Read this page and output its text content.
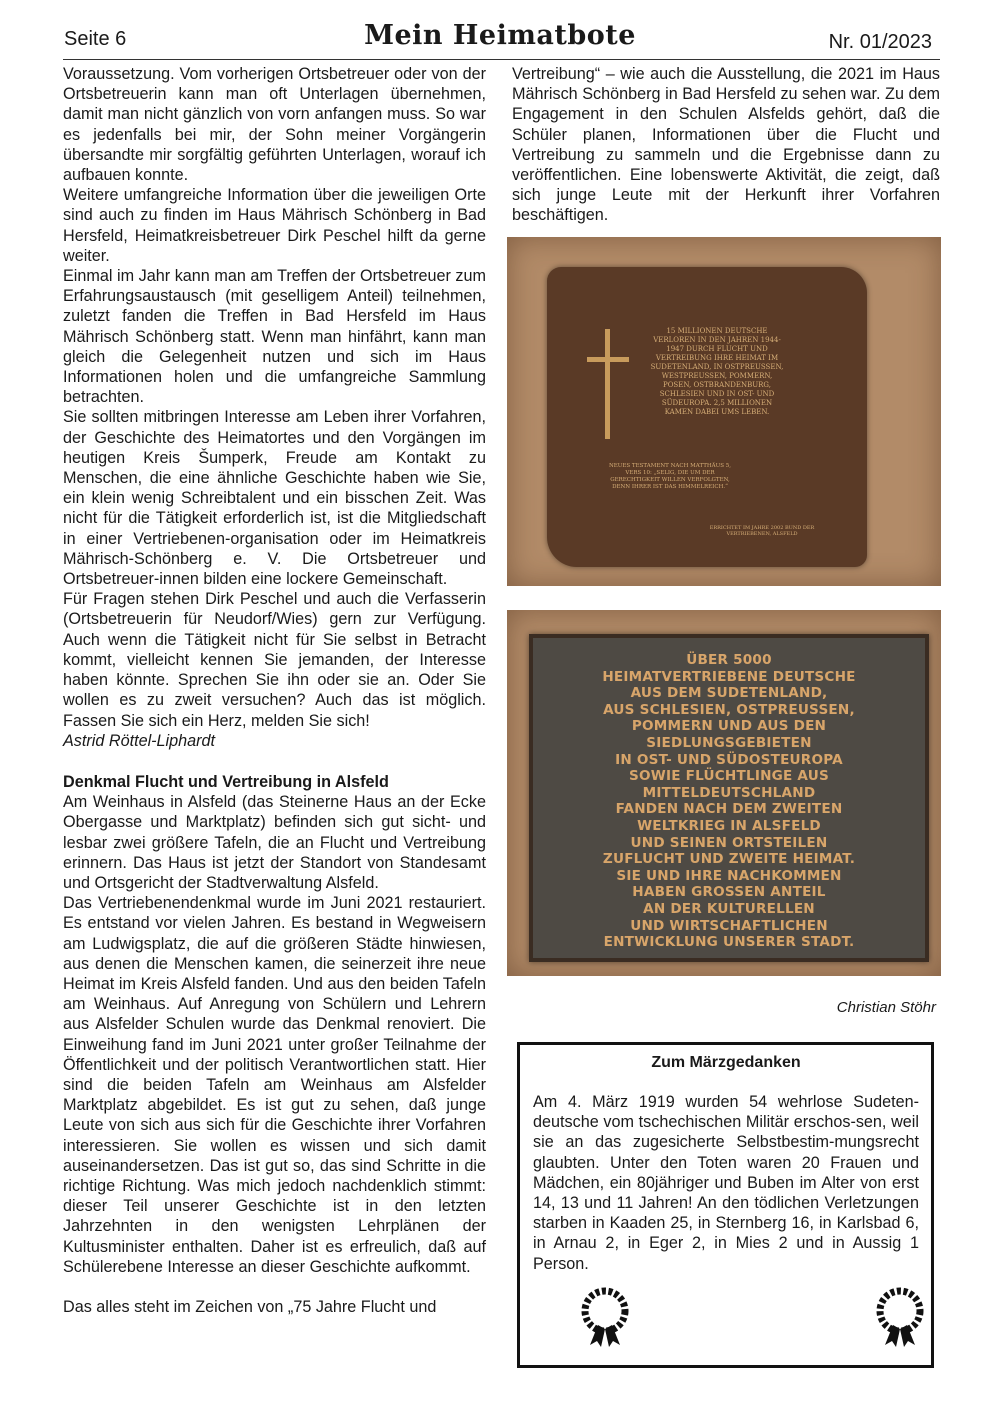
Seite 6	Mein Heimatbote	Nr. 01/2023

Voraussetzung. Vom vorherigen Ortsbetreuer oder von der Ortsbetreuerin kann man oft Unterlagen übernehmen, damit man nicht gänzlich von vorn anfangen muss. So war es jedenfalls bei mir, der Sohn meiner Vorgängerin übersandte mir sorgfältig geführten Unterlagen, worauf ich aufbauen konnte.

Weitere umfangreiche Information über die jeweiligen Orte sind auch zu finden im Haus Mährisch Schönberg in Bad Hersfeld, Heimatkreisbetreuer Dirk Peschel hilft da gerne weiter.

Einmal im Jahr kann man am Treffen der Ortsbetreuer zum Erfahrungsaustausch (mit geselligem Anteil) teilnehmen, zuletzt fanden die Treffen in Bad Hersfeld im Haus Mährisch Schönberg statt. Wenn man hinfährt, kann man gleich die Gelegenheit nutzen und sich im Haus Informationen holen und die umfangreiche Sammlung betrachten.

Sie sollten mitbringen Interesse am Leben ihrer Vorfahren, der Geschichte des Heimatortes und den Vorgängen im heutigen Kreis Šumperk, Freude am Kontakt zu Menschen, die eine ähnliche Geschichte haben wie Sie, ein klein wenig Schreibtalent und ein bisschen Zeit. Was nicht für die Tätigkeit erforderlich ist, ist die Mitgliedschaft in einer Vertriebenen-organisation oder im Heimatkreis Mährisch-Schönberg e. V. Die Ortsbetreuer und Ortsbetreuer-innen bilden eine lockere Gemeinschaft.

Für Fragen stehen Dirk Peschel und auch die Verfasserin (Ortsbetreuerin für Neudorf/Wies) gern zur Verfügung. Auch wenn die Tätigkeit nicht für Sie selbst in Betracht kommt, vielleicht kennen Sie jemanden, der Interesse haben könnte. Sprechen Sie ihn oder sie an. Oder Sie wollen es zu zweit versuchen? Auch das ist möglich. Fassen Sie sich ein Herz, melden Sie sich!

Astrid Röttel-Liphardt

Denkmal Flucht und Vertreibung in Alsfeld

Am Weinhaus in Alsfeld (das Steinerne Haus an der Ecke Obergasse und Marktplatz) befinden sich gut sicht- und lesbar zwei größere Tafeln, die an Flucht und Vertreibung erinnern. Das Haus ist jetzt der Standort von Standesamt und Ortsgericht der Stadtverwaltung Alsfeld.

Das Vertriebenendenkmal wurde im Juni 2021 restauriert. Es entstand vor vielen Jahren. Es bestand in Wegweisern am Ludwigsplatz, die auf die größeren Städte hinwiesen, aus denen die Menschen kamen, die seinerzeit ihre neue Heimat im Kreis Alsfeld fanden. Und aus den beiden Tafeln am Weinhaus. Auf Anregung von Schülern und Lehrern aus Alsfelder Schulen wurde das Denkmal renoviert. Die Einweihung fand im Juni 2021 unter großer Teilnahme der Öffentlichkeit und der politisch Verantwortlichen statt. Hier sind die beiden Tafeln am Weinhaus am Alsfelder Marktplatz abgebildet. Es ist gut zu sehen, daß junge Leute von sich aus sich für die Geschichte ihrer Vorfahren interessieren. Sie wollen es wissen und sich damit auseinandersetzen. Das ist gut so, das sind Schritte in die richtige Richtung. Was mich jedoch nachdenklich stimmt: dieser Teil unserer Geschichte ist in den letzten Jahrzehnten in den wenigsten Lehrplänen der Kultusminister enthalten. Daher ist es erfreulich, daß auf Schülerebene Interesse an dieser Geschichte aufkommt.

Das alles steht im Zeichen von „75 Jahre Flucht und

Vertreibung“ – wie auch die Ausstellung, die 2021 im Haus Mährisch Schönberg in Bad Hersfeld zu sehen war. Zu dem Engagement in den Schulen Alsfelds gehört, daß die Schüler planen, Informationen über die Flucht und Vertreibung zu sammeln und die Ergebnisse dann zu veröffentlichen. Eine lobenswerte Aktivität, die zeigt, daß sich junge Leute mit der Herkunft ihrer Vorfahren beschäftigen.

15 MILLIONEN DEUTSCHE VERLOREN IN DEN JAHREN 1944-1947 DURCH FLUCHT UND VERTREIBUNG IHRE HEIMAT IM SUDETENLAND, IN OSTPREUSSEN, WESTPREUSSEN, POMMERN, POSEN, OSTBRANDENBURG, SCHLESIEN UND IN OST- UND SÜDEUROPA. 2,5 MILLIONEN KAMEN DABEI UMS LEBEN.
NEUES TESTAMENT NACH MATTHÄUS 5, VERS 10: „SELIG, DIE UM DER GERECHTIGKEIT WILLEN VERFOLGTEN, DENN IHRER IST DAS HIMMELREICH.“
ERRICHTET IM JAHRE 2002 BUND DER VERTRIEBENEN, ALSFELD
ÜBER 5000
HEIMATVERTRIEBENE DEUTSCHE
AUS DEM SUDETENLAND,
AUS SCHLESIEN, OSTPREUSSEN,
POMMERN UND AUS DEN
SIEDLUNGSGEBIETEN
IN OST- UND SÜDOSTEUROPA
SOWIE FLÜCHTLINGE AUS
MITTELDEUTSCHLAND
FANDEN NACH DEM ZWEITEN
WELTKRIEG IN ALSFELD
UND SEINEN ORTSTEILEN
ZUFLUCHT UND ZWEITE HEIMAT.
SIE UND IHRE NACHKOMMEN
HABEN GROSSEN ANTEIL
AN DER KULTURELLEN
UND WIRTSCHAFTLICHEN
ENTWICKLUNG UNSERER STADT.
Christian Stöhr

Zum Märzgedanken

Am 4. März 1919 wurden 54 wehrlose Sudeten-deutsche vom tschechischen Militär erschos-sen, weil sie an das zugesicherte Selbstbestim-mungsrecht glaubten. Unter den Toten waren 20 Frauen und Mädchen, ein 80jähriger und Buben im Alter von erst 14, 13 und 11 Jahren! An den tödlichen Verletzungen starben in Kaaden 25, in Sternberg 16, in Karlsbad 6, in Arnau 2, in Eger 2, in Mies 2 und in Aussig 1 Person.
